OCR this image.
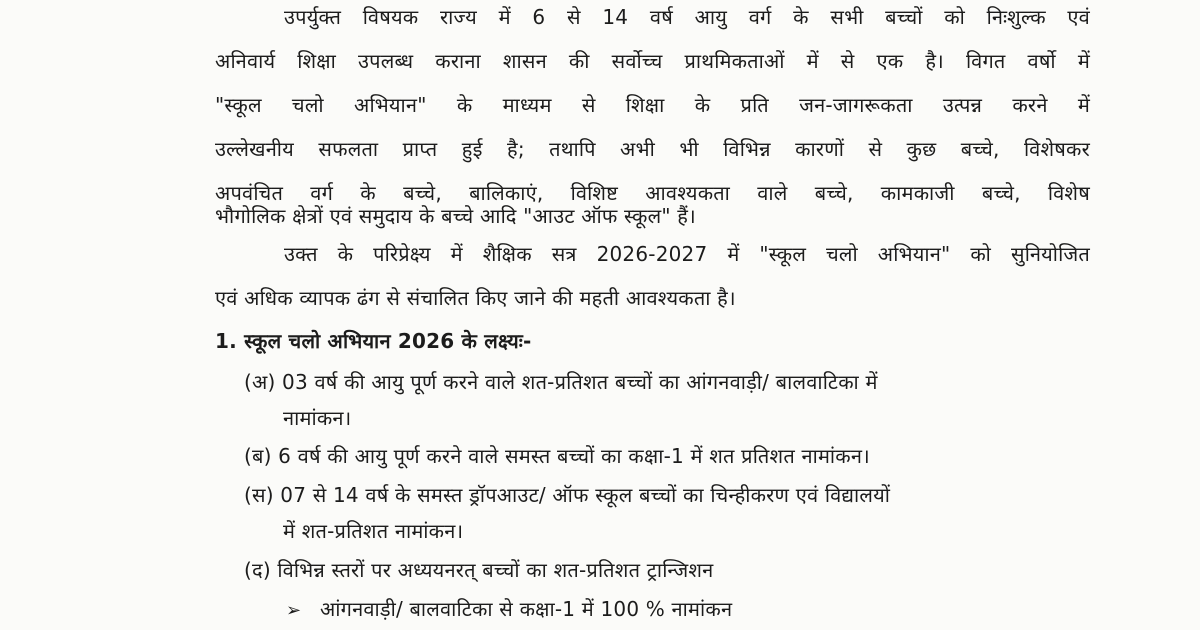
उपर्युक्त विषयक राज्य में 6 से 14 वर्ष आयु वर्ग के सभी बच्चों को निःशुल्क एवं
अनिवार्य शिक्षा उपलब्ध कराना शासन की सर्वोच्च प्राथमिकताओं में से एक है। विगत वर्षो में
"स्कूल चलो अभियान" के माध्यम से शिक्षा के प्रति जन-जागरूकता उत्पन्न करने में
उल्लेखनीय सफलता प्राप्त हुई है; तथापि अभी भी विभिन्न कारणों से कुछ बच्चे, विशेषकर
अपवंचित वर्ग के बच्चे, बालिकाएं, विशिष्ट आवश्यकता वाले बच्चे, कामकाजी बच्चे, विशेष
भौगोलिक क्षेत्रों एवं समुदाय के बच्चे आदि "आउट ऑफ स्कूल" हैं।
उक्त के परिप्रेक्ष्य में शैक्षिक सत्र 2026-2027 में "स्कूल चलो अभियान" को सुनियोजित
एवं अधिक व्यापक ढंग से संचालित किए जाने की महती आवश्यकता है।
1. स्कूल चलो अभियान 2026 के लक्ष्यः-
(अ) 03 वर्ष की आयु पूर्ण करने वाले शत-प्रतिशत बच्चों का आंगनवाड़ी/ बालवाटिका में
नामांकन।
(ब) 6 वर्ष की आयु पूर्ण करने वाले समस्त बच्चों का कक्षा-1 में शत प्रतिशत नामांकन।
(स) 07 से 14 वर्ष के समस्त ड्रॉपआउट/ ऑफ स्कूल बच्चों का चिन्हीकरण एवं विद्यालयों
में शत-प्रतिशत नामांकन।
(द) विभिन्न स्तरों पर अध्ययनरत् बच्चों का शत-प्रतिशत ट्रान्जिशन
➢ आंगनवाड़ी/ बालवाटिका से कक्षा-1 में 100 % नामांकन
